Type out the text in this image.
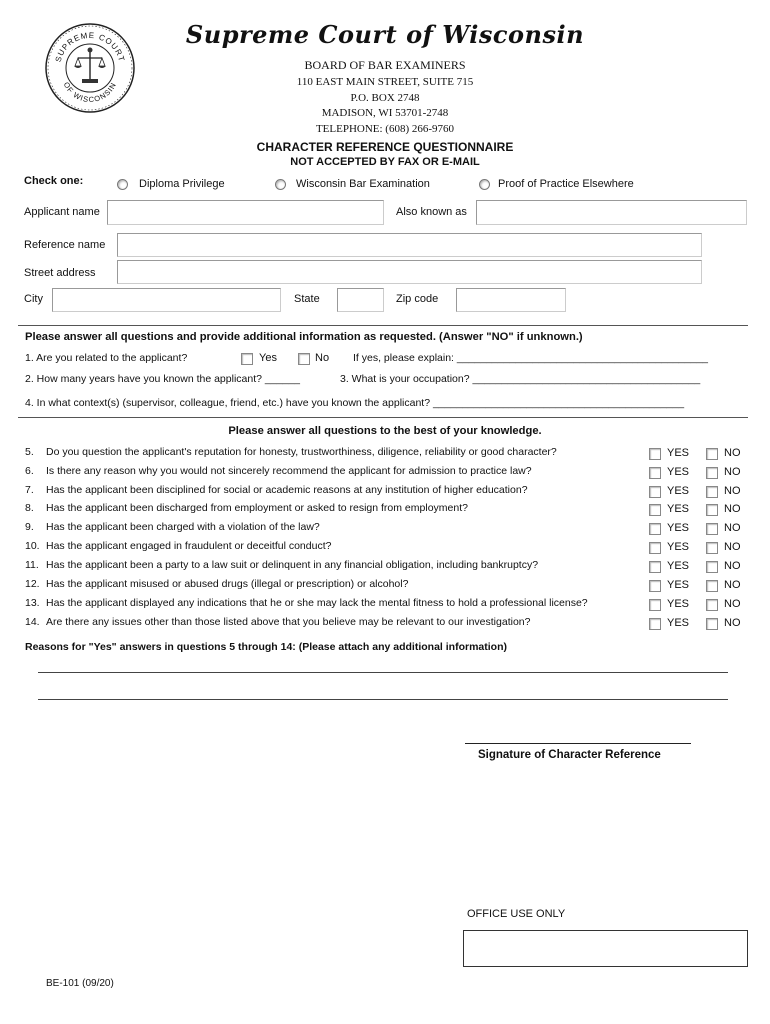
SUPREME COURT
OF WISCONSIN
Supreme Court of Wisconsin
BOARD OF BAR EXAMINERS
110 EAST MAIN STREET, SUITE 715
P.O. BOX 2748
MADISON, WI 53701-2748
TELEPHONE: (608) 266-9760
CHARACTER REFERENCE QUESTIONNAIRE
NOT ACCEPTED BY FAX OR E-MAIL
Check one:	Diploma Privilege	Wisconsin Bar Examination	Proof of Practice Elsewhere
Applicant name	Also known as
Reference name
Street address
City	State	Zip code
Please answer all questions and provide additional information as requested. (Answer "NO" if unknown.)
1. Are you related to the applicant?	Yes	No If yes, please explain: ___________________________________________
2. How many years have you known the applicant? ______	3. What is your occupation? _______________________________________
4. In what context(s) (supervisor, colleague, friend, etc.) have you known the applicant? ___________________________________________
Please answer all questions to the best of your knowledge.
5. Do you question the applicant's reputation for honesty, trustworthiness, diligence, reliability or good character?	YES	NO
6. Is there any reason why you would not sincerely recommend the applicant for admission to practice law?	YES	NO
7. Has the applicant been disciplined for social or academic reasons at any institution of higher education?	YES	NO
8. Has the applicant been discharged from employment or asked to resign from employment?	YES	NO
9. Has the applicant been charged with a violation of the law?	YES	NO
10. Has the applicant engaged in fraudulent or deceitful conduct?	YES	NO
11. Has the applicant been a party to a law suit or delinquent in any financial obligation, including bankruptcy?	YES	NO
12. Has the applicant misused or abused drugs (illegal or prescription) or alcohol?	YES	NO
13. Has the applicant displayed any indications that he or she may lack the mental fitness to hold a professional license?	YES	NO
14. Are there any issues other than those listed above that you believe may be relevant to our investigation?	YES	NO
Reasons for "Yes" answers in questions 5 through 14: (Please attach any additional information)
Signature of Character Reference
OFFICE USE ONLY
BE-101 (09/20)
